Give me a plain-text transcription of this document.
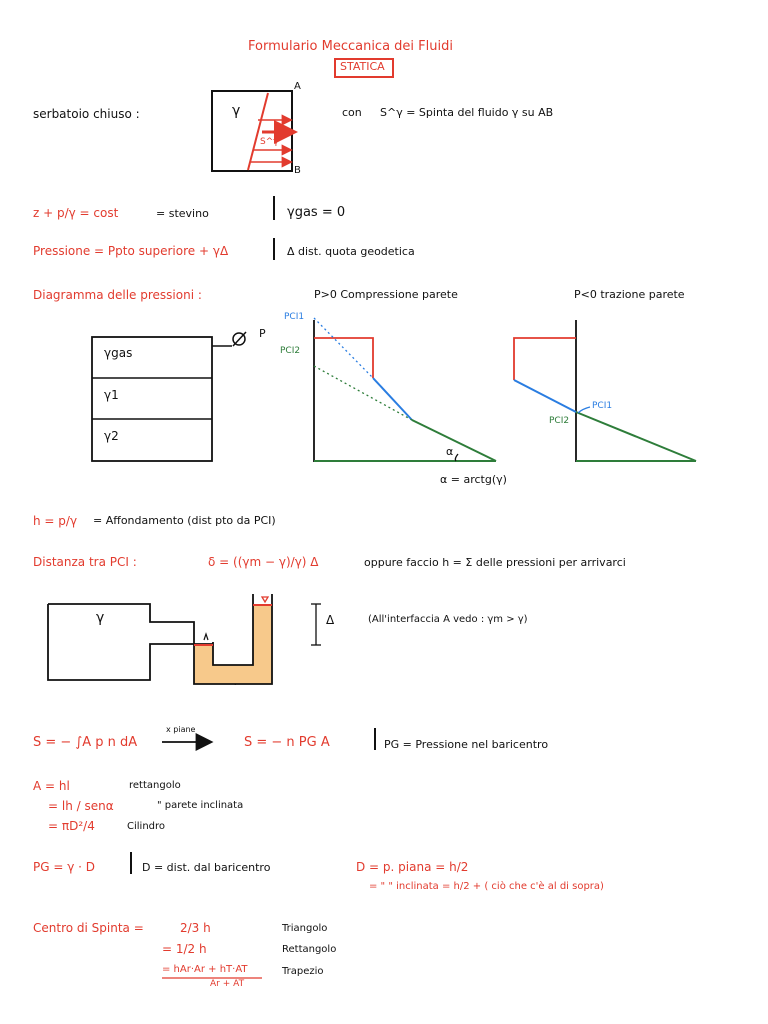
Formulario Meccanica dei Fluidi
STATICA
serbatoio chiuso :	γ
A
B
S^γ
con S^γ = Spinta del fluido γ su AB
z + p/γ = cost	= stevino	γgas = 0
Pressione = Ppto superiore + γΔ	Δ dist. quota geodetica
Diagramma delle pressioni :	P>0 Compressione parete	P<0 trazione parete
γgas
γ1
γ2
P
PCI1
PCI2
PCI1
PCI2
α
α = arctg(γ)
h = p/γ = Affondamento (dist pto da PCI)
Distanza tra PCI :	δ = ((γm − γ)/γ) Δ	oppure faccio h = Σ delle pressioni per arrivarci
γ	Δ	(All'interfaccia A vedo : γm > γ)
S = − ∫A p n dA
x piane
S = − n PG A	PG = Pressione nel baricentro
A = hl	rettangolo
= lh / senα	" parete inclinata
= πD²/4	Cilindro
PG = γ · D	D = dist. dal baricentro	D = p. piana = h/2
= " " inclinata = h/2 + ( ciò che c'è al di sopra)
Centro di Spinta =	2/3 h	Triangolo
= 1/2 h	Rettangolo
= hAr·Ar + hT·AT
Ar + AT
Trapezio
